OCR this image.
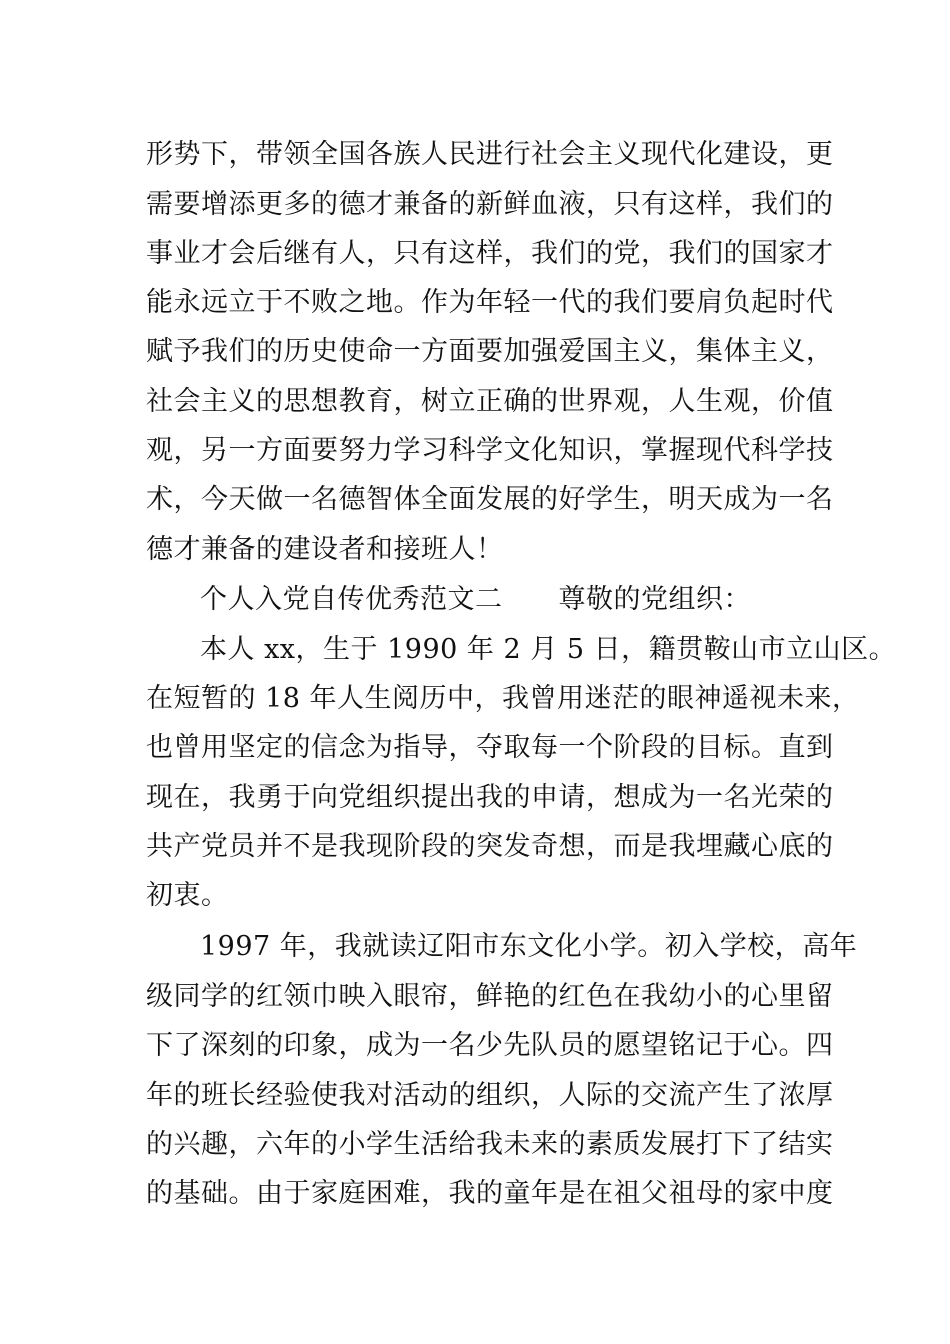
形势下，带领全国各族人民进行社会主义现代化建设，更
需要增添更多的德才兼备的新鲜血液，只有这样，我们的
事业才会后继有人，只有这样，我们的党，我们的国家才
能永远立于不败之地。作为年轻一代的我们要肩负起时代
赋予我们的历史使命一方面要加强爱国主义，集体主义，
社会主义的思想教育，树立正确的世界观，人生观，价值
观，另一方面要努力学习科学文化知识，掌握现代科学技
术，今天做一名德智体全面发展的好学生，明天成为一名
德才兼备的建设者和接班人！
个人入党自传优秀范文二 尊敬的党组织：
本人 xx，生于 1990 年 2 月 5 日，籍贯鞍山市立山区。
在短暂的 18 年人生阅历中，我曾用迷茫的眼神遥视未来，
也曾用坚定的信念为指导，夺取每一个阶段的目标。直到
现在，我勇于向党组织提出我的申请，想成为一名光荣的
共产党员并不是我现阶段的突发奇想，而是我埋藏心底的
初衷。
1997 年，我就读辽阳市东文化小学。初入学校，高年
级同学的红领巾映入眼帘，鲜艳的红色在我幼小的心里留
下了深刻的印象，成为一名少先队员的愿望铭记于心。四
年的班长经验使我对活动的组织，人际的交流产生了浓厚
的兴趣，六年的小学生活给我未来的素质发展打下了结实
的基础。由于家庭困难，我的童年是在祖父祖母的家中度
